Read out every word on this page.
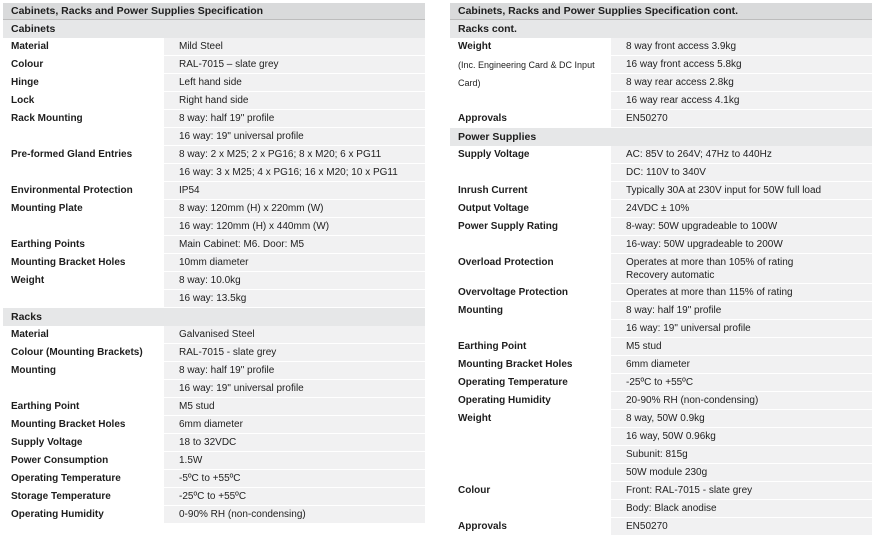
Cabinets, Racks and Power Supplies Specification
Cabinets
Material	Mild Steel
Colour	RAL-7015 – slate grey
Hinge	Left hand side
Lock	Right hand side
Rack Mounting	8 way: half 19" profile
16 way: 19" universal profile
Pre-formed Gland Entries	8 way: 2 x M25; 2 x PG16; 8 x M20; 6 x PG11
16 way: 3 x M25; 4 x PG16; 16 x M20; 10 x PG11
Environmental Protection	IP54
Mounting Plate	8 way: 120mm (H) x 220mm (W)
16 way: 120mm (H) x 440mm (W)
Earthing Points	Main Cabinet: M6. Door: M5
Mounting Bracket Holes	10mm diameter
Weight	8 way: 10.0kg
16 way: 13.5kg
Racks
Material	Galvanised Steel
Colour (Mounting Brackets)	RAL-7015 - slate grey
Mounting	8 way: half 19" profile
16 way: 19" universal profile
Earthing Point	M5 stud
Mounting Bracket Holes	6mm diameter
Supply Voltage	18 to 32VDC
Power Consumption	1.5W
Operating Temperature	-5ºC to +55ºC
Storage Temperature	-25ºC to +55ºC
Operating Humidity	0-90% RH (non-condensing)
Cabinets, Racks and Power Supplies Specification cont.
Racks cont.
Weight
(Inc. Engineering Card & DC Input Card)
8 way front access 3.9kg
16 way front access 5.8kg
8 way rear access 2.8kg
16 way rear access 4.1kg
Approvals	EN50270
Power Supplies
Supply Voltage	AC: 85V to 264V; 47Hz to 440Hz
DC: 110V to 340V
Inrush Current	Typically 30A at 230V input for 50W full load
Output Voltage	24VDC ± 10%
Power Supply Rating	8-way: 50W upgradeable to 100W
16-way: 50W upgradeable to 200W
Overload Protection	Operates at more than 105% of rating
Recovery automatic
Overvoltage Protection	Operates at more than 115% of rating
Mounting	8 way: half 19" profile
16 way: 19" universal profile
Earthing Point	M5 stud
Mounting Bracket Holes	6mm diameter
Operating Temperature	-25ºC to +55ºC
Operating Humidity	20-90% RH (non-condensing)
Weight	8 way, 50W 0.9kg
16 way, 50W 0.96kg
Subunit: 815g
50W module 230g
Colour	Front: RAL-7015 - slate grey
Body: Black anodise
Approvals	EN50270
